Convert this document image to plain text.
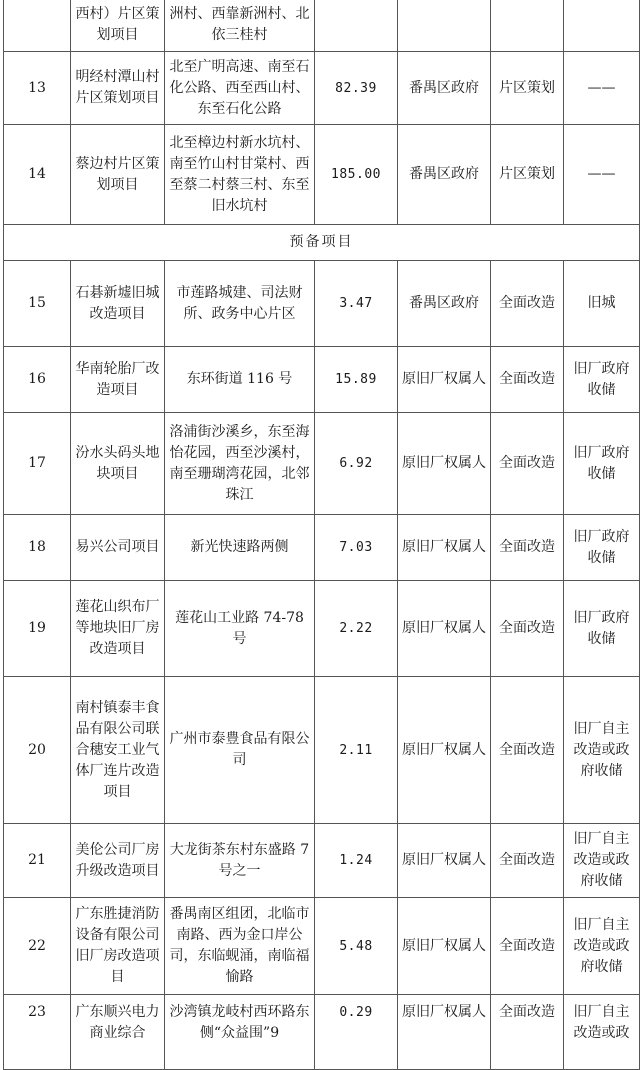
	西村）片区策划项目	洲村、西靠新洲村、北依三桂村				
13	明经村潭山村片区策划项目	北至广明高速、南至石化公路、西至西山村、东至石化公路	82.39	番禺区政府	片区策划	——
14	蔡边村片区策划项目	北至樟边村新水坑村、南至竹山村甘棠村、西至蔡二村蔡三村、东至旧水坑村	185.00	番禺区政府	片区策划	——
预备项目						
15	石碁新墟旧城改造项目	市莲路城建、司法财所、政务中心片区	3.47	番禺区政府	全面改造	旧城
16	华南轮胎厂改造项目	东环街道 116 号	15.89	原旧厂权属人	全面改造	旧厂政府收储
17	汾水头码头地块项目	洛浦街沙溪乡，东至海怡花园，西至沙溪村，南至珊瑚湾花园，北邻珠江	6.92	原旧厂权属人	全面改造	旧厂政府收储
18	易兴公司项目	新光快速路两侧	7.03	原旧厂权属人	全面改造	旧厂政府收储
19	莲花山织布厂等地块旧厂房改造项目	莲花山工业路 74-78 号	2.22	原旧厂权属人	全面改造	旧厂政府收储
20	南村镇泰丰食品有限公司联合穗安工业气体厂连片改造项目	广州市泰豊食品有限公司	2.11	原旧厂权属人	全面改造	旧厂自主改造或政府收储
21	美伦公司厂房升级改造项目	大龙街茶东村东盛路 7 号之一	1.24	原旧厂权属人	全面改造	旧厂自主改造或政府收储
22	广东胜捷消防设备有限公司旧厂房改造项目	番禺南区组团，北临市南路、西为金口岸公司，东临蚬涌，南临福愉路	5.48	原旧厂权属人	全面改造	旧厂自主改造或政府收储
23	广东顺兴电力商业综合	沙湾镇龙岐村西环路东侧“众益围”9	0.29	原旧厂权属人	全面改造	旧厂自主改造或政
